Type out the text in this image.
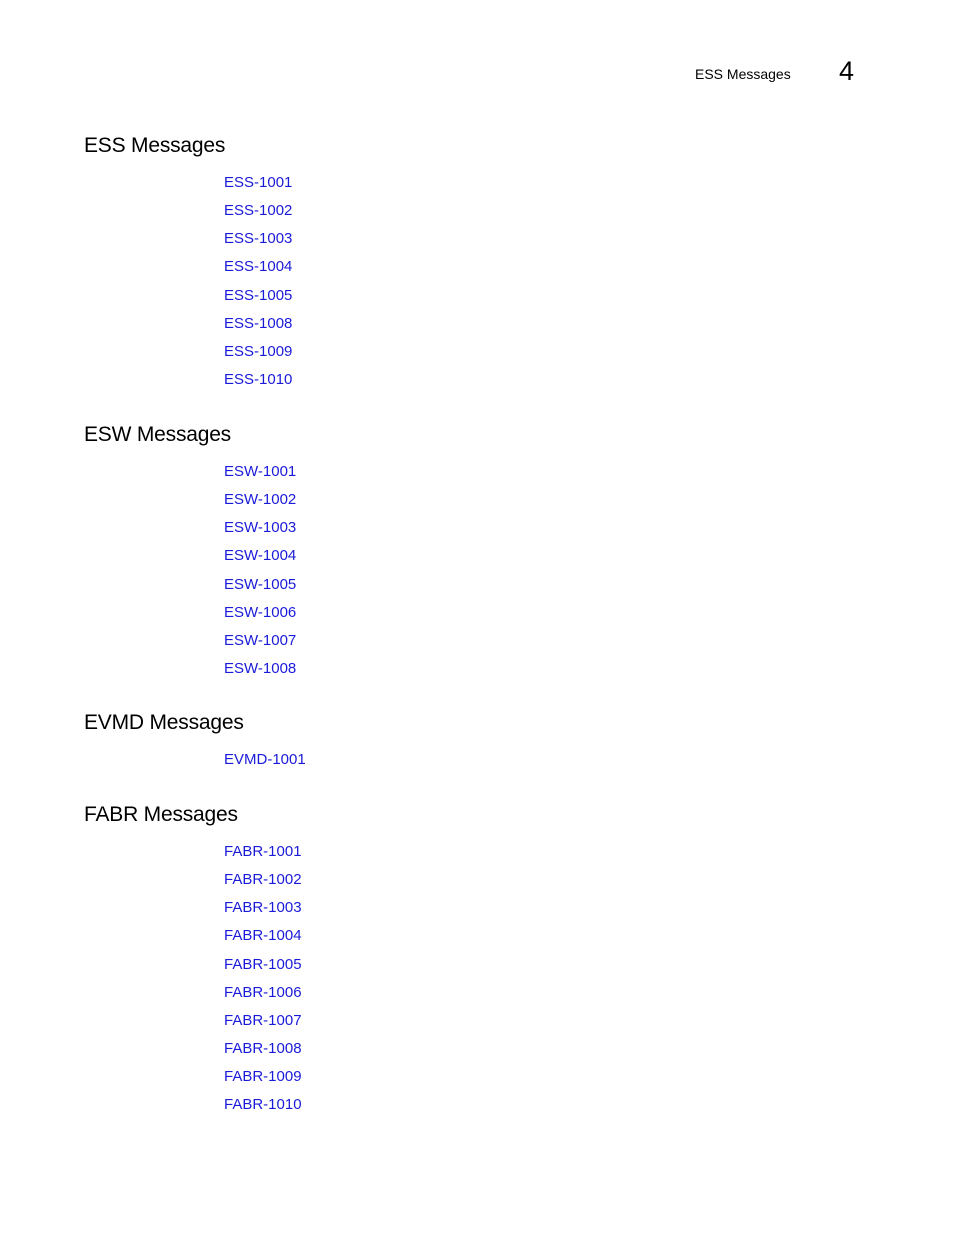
ESS Messages 4
ESS Messages
ESS-1001
ESS-1002
ESS-1003
ESS-1004
ESS-1005
ESS-1008
ESS-1009
ESS-1010
ESW Messages
ESW-1001
ESW-1002
ESW-1003
ESW-1004
ESW-1005
ESW-1006
ESW-1007
ESW-1008
EVMD Messages
EVMD-1001
FABR Messages
FABR-1001
FABR-1002
FABR-1003
FABR-1004
FABR-1005
FABR-1006
FABR-1007
FABR-1008
FABR-1009
FABR-1010
